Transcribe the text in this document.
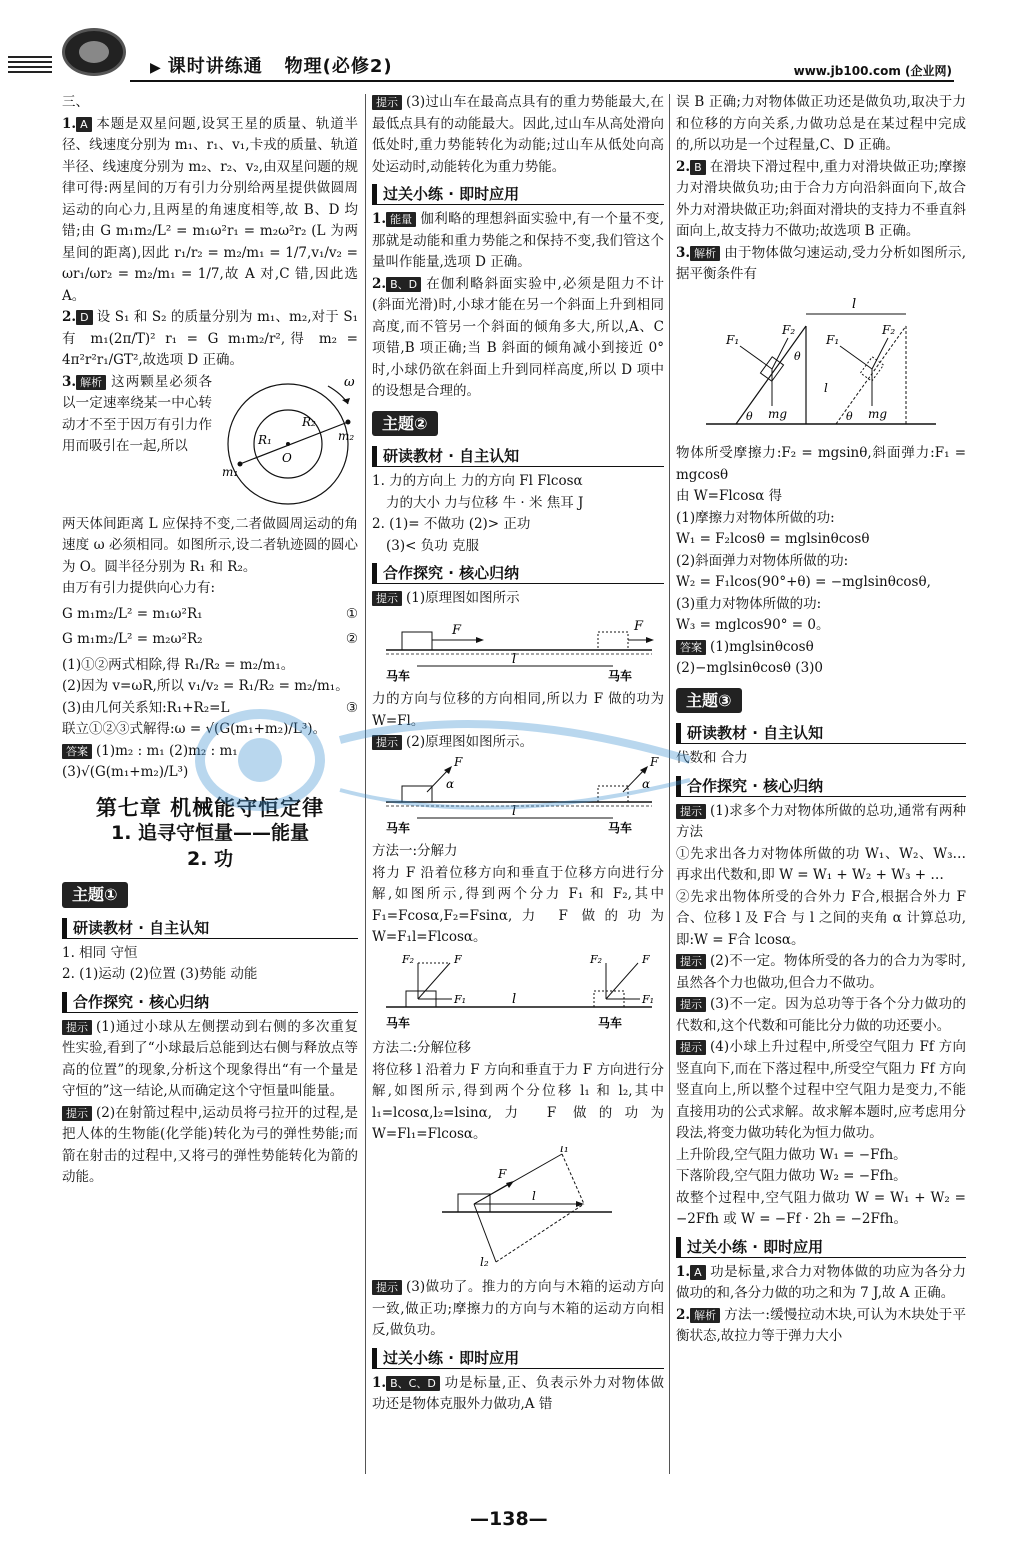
▶ 课时讲练通 物理(必修2)	www.jb100.com (企业网)

三、

1. A 本题是双星问题,设冥王星的质量、轨道半径、线速度分别为 m₁、r₁、v₁,卡戎的质量、轨道半径、线速度分别为 m₂、r₂、v₂,由双星问题的规律可得:两星间的万有引力分别给两星提供做圆周运动的向心力,且两星的角速度相等,故 B、D 均错;由 G m₁m₂/L² = m₁ω²r₁ = m₂ω²r₂ (L 为两星间的距离),因此 r₁/r₂ = m₂/m₁ = 1/7,v₁/v₂ = ωr₁/ωr₂ = m₂/m₁ = 1/7,故 A 对,C 错,因此选 A。

2. D 设 S₁ 和 S₂ 的质量分别为 m₁、m₂,对于 S₁ 有 m₁(2π/T)² r₁ = G m₁m₂/r²,得 m₂ = 4π²r²r₁/GT²,故选项 D 正确。

ω
R₁
R₂
O
m₁
m₂

3. 解析 这两颗星必须各以一定速率绕某一中心转动才不至于因万有引力作用而吸引在一起,所以

两天体间距离 L 应保持不变,二者做圆周运动的角速度 ω 必须相同。如图所示,设二者轨迹圆的圆心为 O。圆半径分别为 R₁ 和 R₂。

由万有引力提供向心力有:

G m₁m₂/L² = m₁ω²R₁	①
G m₁m₂/L² = m₂ω²R₂	②

(1)①②两式相除,得 R₁/R₂ = m₂/m₁。

(2)因为 v=ωR,所以 v₁/v₂ = R₁/R₂ = m₂/m₁。

(3)由几何关系知:R₁+R₂=L	③

联立①②③式解得:ω = √(G(m₁+m₂)/L³)。

答案 (1)m₂ : m₁ (2)m₂ : m₁

(3)√(G(m₁+m₂)/L³)

第七章 机械能守恒定律
1. 追寻守恒量——能量
2. 功
主题①
研读教材 · 自主认知

1. 相同 守恒

2. (1)运动 (2)位置 (3)势能 动能

合作探究 · 核心归纳

提示 (1)通过小球从左侧摆动到右侧的多次重复性实验,看到了“小球最后总能到达右侧与释放点等高的位置”的现象,分析这个现象得出“有一个量是守恒的”这一结论,从而确定这个守恒量叫能量。

提示 (2)在射箭过程中,运动员将弓拉开的过程,是把人体的生物能(化学能)转化为弓的弹性势能;而箭在射击的过程中,又将弓的弹性势能转化为箭的动能。

提示 (3)过山车在最高点具有的重力势能最大,在最低点具有的动能最大。因此,过山车从高处滑向低处时,重力势能转化为动能;过山车从低处向高处运动时,动能转化为重力势能。

过关小练 · 即时应用

1. 能量 伽利略的理想斜面实验中,有一个量不变,那就是动能和重力势能之和保持不变,我们管这个量叫作能量,选项 D 正确。

2. B、D 在伽利略斜面实验中,必须是阻力不计(斜面光滑)时,小球才能在另一个斜面上升到相同高度,而不管另一个斜面的倾角多大,所以,A、C 项错,B 项正确;当 B 斜面的倾角减小到接近 0°时,小球仍欲在斜面上升到同样高度,所以 D 项中的设想是合理的。

主题②
研读教材 · 自主认知

1. 力的方向上 力的方向 Fl Flcosα

力的大小 力与位移 牛 · 米 焦耳 J

2. (1)= 不做功 (2)> 正功

(3)< 负功 克服

合作探究 · 核心归纳

提示 (1)原理图如图所示

F	F
l
马车	马车

力的方向与位移的方向相同,所以力 F 做的功为 W=Fl。

提示 (2)原理图如图所示。

α	α
F	F
l
马车	马车

方法一:分解力

将力 F 沿着位移方向和垂直于位移方向进行分解,如图所示,得到两个分力 F₁ 和 F₂,其中 F₁=Fcosα,F₂=Fsinα,力 F 做的功为 W=F₁l=Flcosα。

F
F₂
F₁
F
F₂
F₁
l
马车	马车

方法二:分解位移

将位移 l 沿着力 F 方向和垂直于力 F 方向进行分解,如图所示,得到两个分位移 l₁ 和 l₂,其中 l₁=lcosα,l₂=lsinα,力 F 做的功为 W=Fl₁=Flcosα。

F
l₁
l₂
l

提示 (3)做功了。推力的方向与木箱的运动方向一致,做正功;摩擦力的方向与木箱的运动方向相反,做负功。

过关小练 · 即时应用

1. B、C、D 功是标量,正、负表示外力对物体做功还是物体克服外力做功,A 错

误 B 正确;力对物体做正功还是做负功,取决于力和位移的方向关系,力做功总是在某过程中完成的,所以功是一个过程量,C、D 正确。

2. B 在滑块下滑过程中,重力对滑块做正功;摩擦力对滑块做负功;由于合力方向沿斜面向下,故合外力对滑块做正功;斜面对滑块的支持力不垂直斜面向上,故支持力不做功;故选项 B 正确。

3. 解析 由于物体做匀速运动,受力分析如图所示,据平衡条件有

l
F₁
F₂
F₁
F₂
mg	mg
θ	θ
θ
l

物体所受摩擦力:F₂ = mgsinθ,斜面弹力:F₁ = mgcosθ

由 W=Flcosα 得

(1)摩擦力对物体所做的功:

W₁ = F₂lcosθ = mglsinθcosθ

(2)斜面弹力对物体所做的功:

W₂ = F₁lcos(90°+θ) = −mglsinθcosθ,

(3)重力对物体所做的功:

W₃ = mglcos90° = 0。

答案 (1)mglsinθcosθ

(2)−mglsinθcosθ (3)0

主题③
研读教材 · 自主认知

代数和 合力

合作探究 · 核心归纳

提示 (1)求多个力对物体所做的总功,通常有两种方法

①先求出各力对物体所做的功 W₁、W₂、W₃…再求出代数和,即 W = W₁ + W₂ + W₃ + …

②先求出物体所受的合外力 F合,根据合外力 F合、位移 l 及 F合 与 l 之间的夹角 α 计算总功,即:W = F合 lcosα。

提示 (2)不一定。物体所受的各力的合力为零时,虽然各个力也做功,但合力不做功。

提示 (3)不一定。因为总功等于各个分力做功的代数和,这个代数和可能比分力做的功还要小。

提示 (4)小球上升过程中,所受空气阻力 Ff 方向竖直向下,而在下落过程中,所受空气阻力 Ff 方向竖直向上,所以整个过程中空气阻力是变力,不能直接用功的公式求解。故求解本题时,应考虑用分段法,将变力做功转化为恒力做功。

上升阶段,空气阻力做功 W₁ = −Ffh。

下落阶段,空气阻力做功 W₂ = −Ffh。

故整个过程中,空气阻力做功 W = W₁ + W₂ = −2Ffh 或 W = −Ff · 2h = −2Ffh。

过关小练 · 即时应用

1. A 功是标量,求合力对物体做的功应为各分力做功的和,各分力做的功之和为 7 J,故 A 正确。

2. 解析 方法一:缓慢拉动木块,可认为木块处于平衡状态,故拉力等于弹力大小

—138—
